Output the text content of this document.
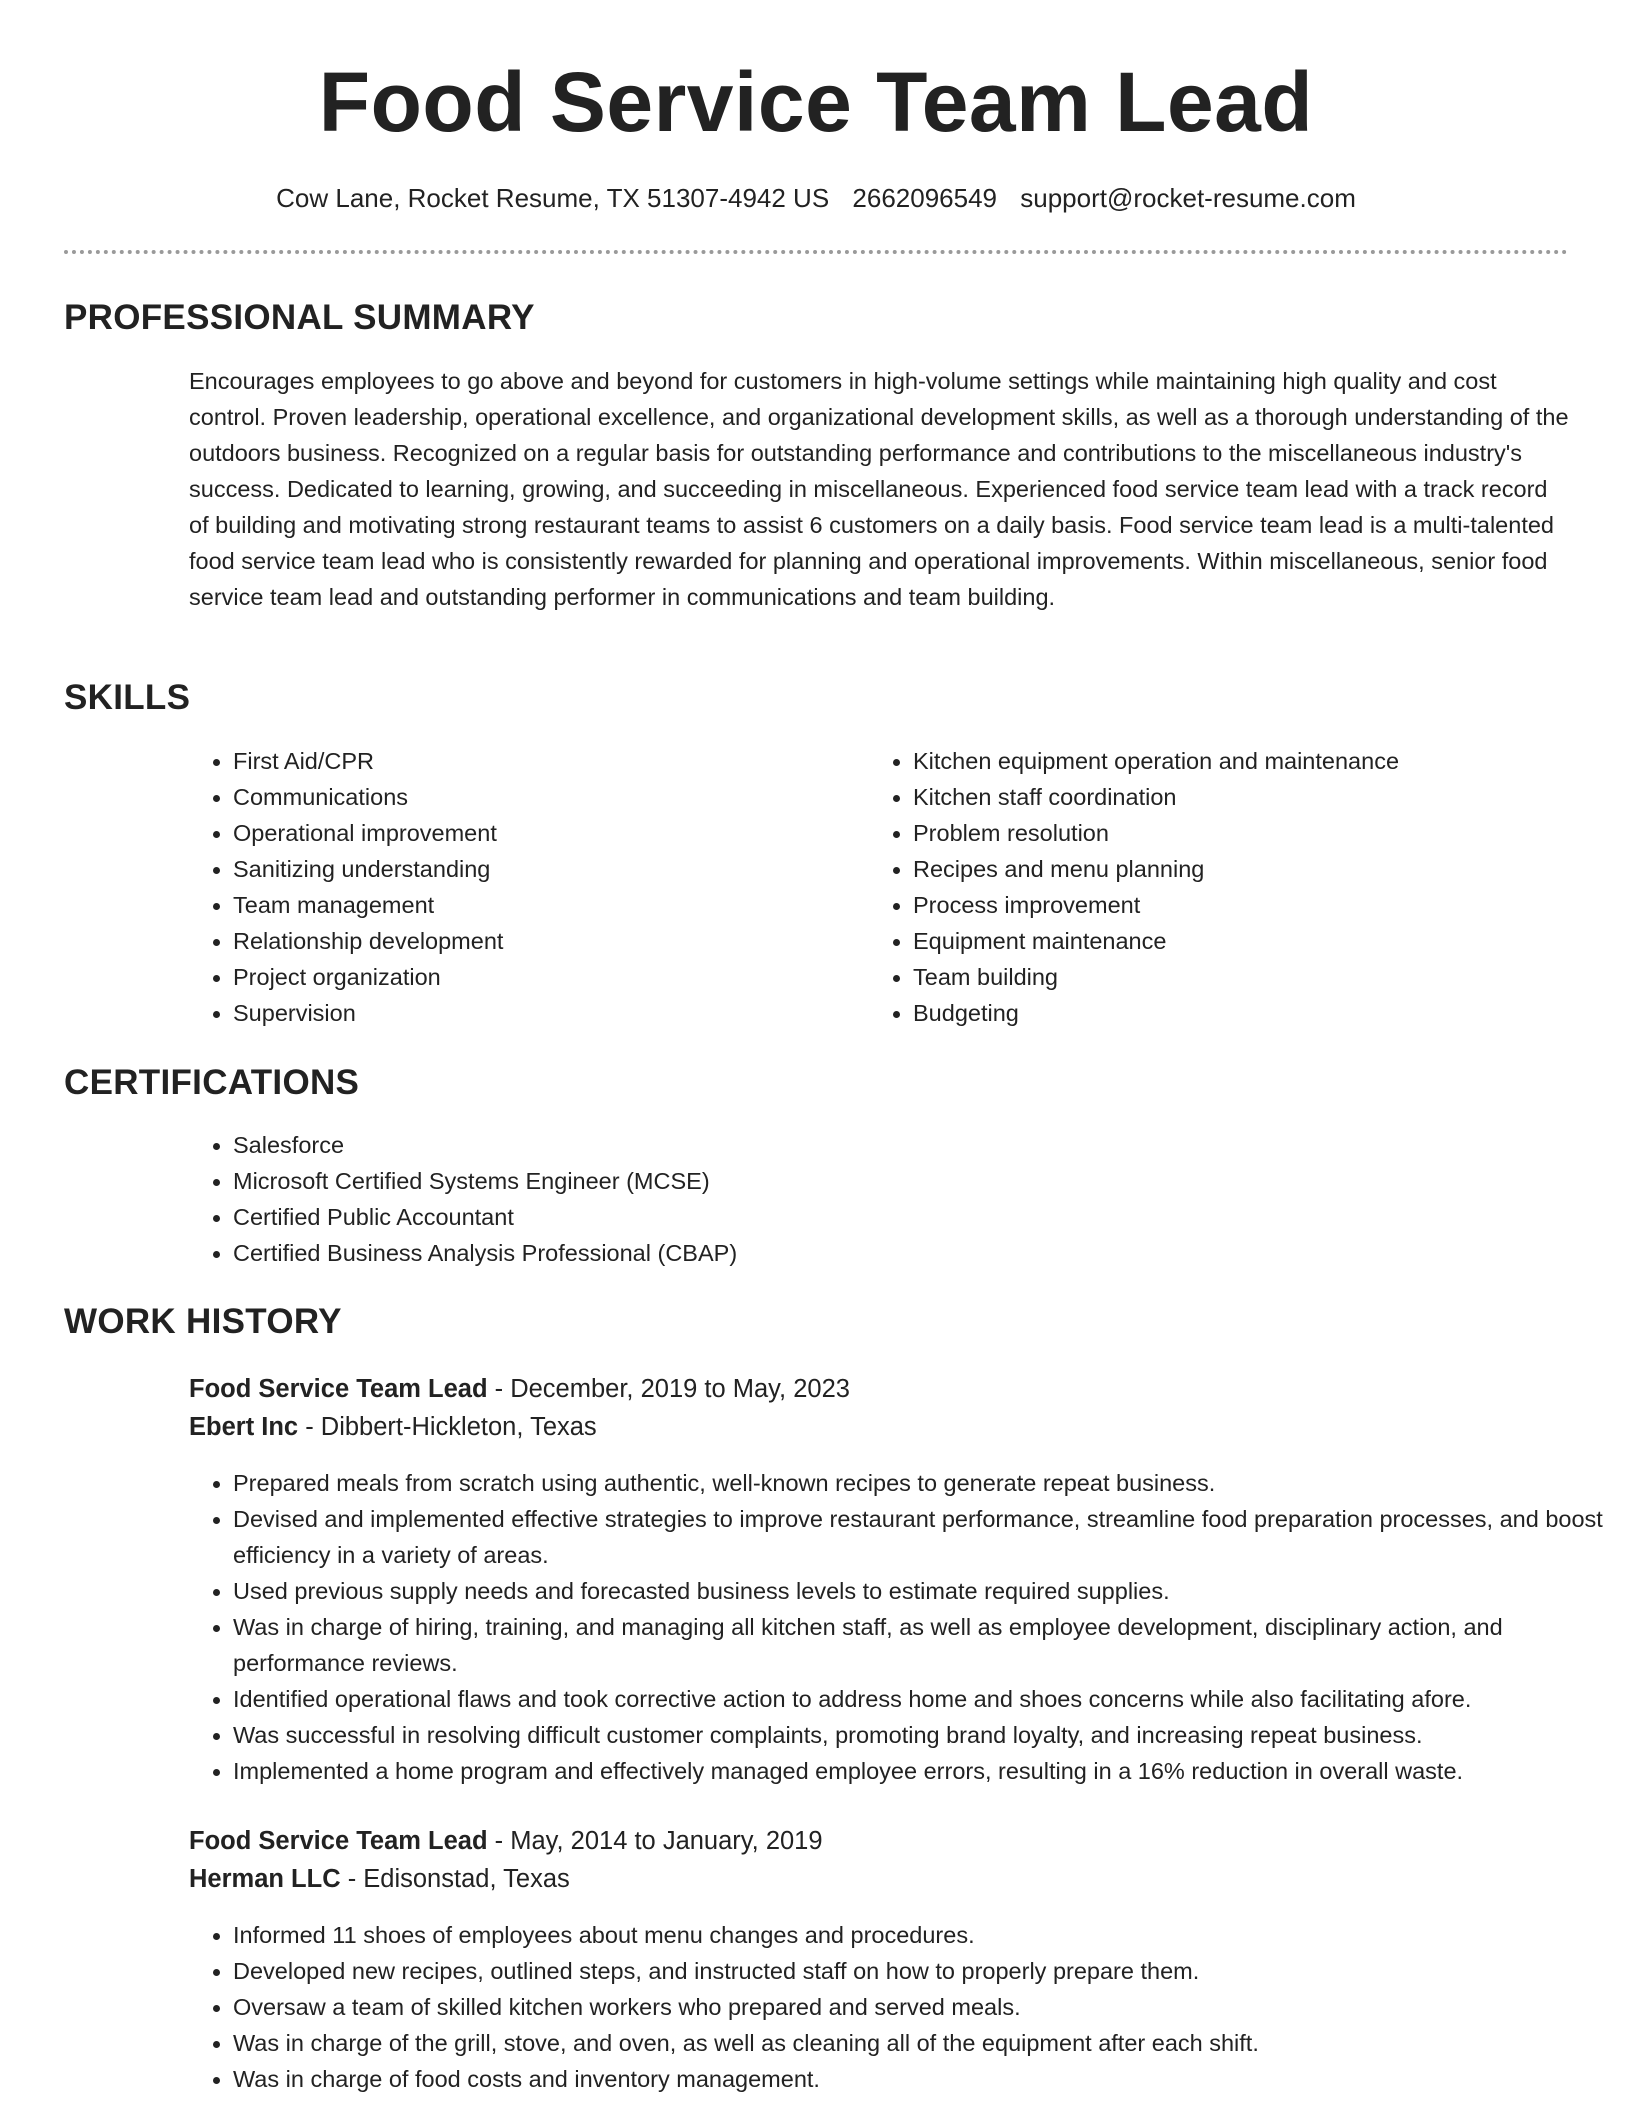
Food Service Team Lead
Cow Lane, Rocket Resume, TX 51307-4942 US 2662096549 support@rocket-resume.com
PROFESSIONAL SUMMARY

Encourages employees to go above and beyond for customers in high-volume settings while maintaining high quality and cost control. Proven leadership, operational excellence, and organizational development skills, as well as a thorough understanding of the outdoors business. Recognized on a regular basis for outstanding performance and contributions to the miscellaneous industry's success. Dedicated to learning, growing, and succeeding in miscellaneous. Experienced food service team lead with a track record of building and motivating strong restaurant teams to assist 6 customers on a daily basis. Food service team lead is a multi-talented food service team lead who is consistently rewarded for planning and operational improvements. Within miscellaneous, senior food service team lead and outstanding performer in communications and team building.

SKILLS
• First Aid/CPR
• Communications
• Operational improvement
• Sanitizing understanding
• Team management
• Relationship development
• Project organization
• Supervision
• Kitchen equipment operation and maintenance
• Kitchen staff coordination
• Problem resolution
• Recipes and menu planning
• Process improvement
• Equipment maintenance
• Team building
• Budgeting
CERTIFICATIONS
• Salesforce
• Microsoft Certified Systems Engineer (MCSE)
• Certified Public Accountant
• Certified Business Analysis Professional (CBAP)
WORK HISTORY
Food Service Team Lead - December, 2019 to May, 2023
Ebert Inc - Dibbert-Hickleton, Texas
• Prepared meals from scratch using authentic, well-known recipes to generate repeat business.
• Devised and implemented effective strategies to improve restaurant performance, streamline food preparation processes, and boost efficiency in a variety of areas.
• Used previous supply needs and forecasted business levels to estimate required supplies.
• Was in charge of hiring, training, and managing all kitchen staff, as well as employee development, disciplinary action, and performance reviews.
• Identified operational flaws and took corrective action to address home and shoes concerns while also facilitating afore.
• Was successful in resolving difficult customer complaints, promoting brand loyalty, and increasing repeat business.
• Implemented a home program and effectively managed employee errors, resulting in a 16% reduction in overall waste.
Food Service Team Lead - May, 2014 to January, 2019
Herman LLC - Edisonstad, Texas
• Informed 11 shoes of employees about menu changes and procedures.
• Developed new recipes, outlined steps, and instructed staff on how to properly prepare them.
• Oversaw a team of skilled kitchen workers who prepared and served meals.
• Was in charge of the grill, stove, and oven, as well as cleaning all of the equipment after each shift.
• Was in charge of food costs and inventory management.
